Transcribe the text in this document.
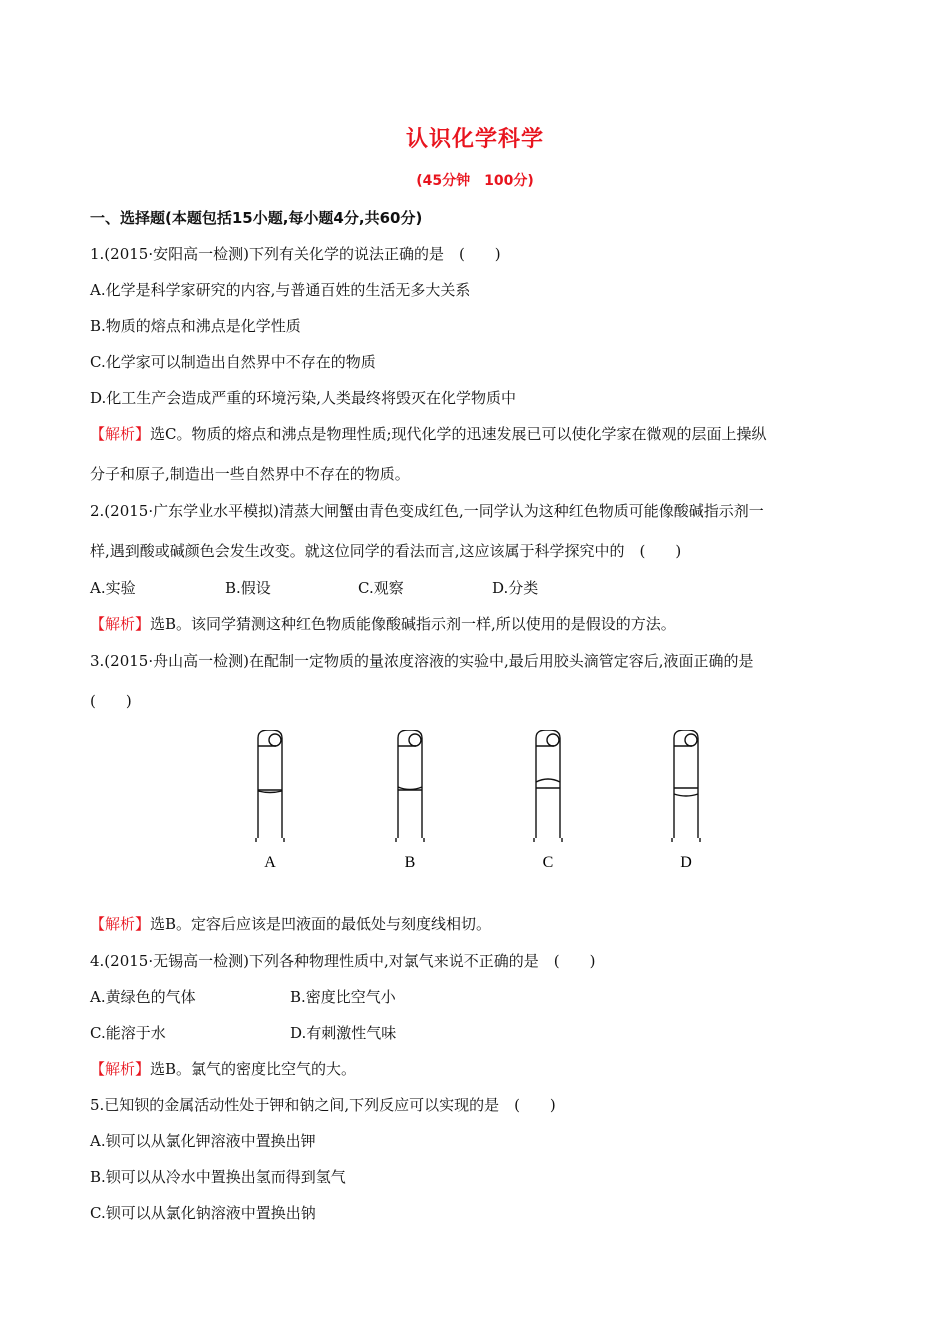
认识化学科学
(45分钟　100分)
一、选择题(本题包括15小题,每小题4分,共60分)
1.(2015·安阳高一检测)下列有关化学的说法正确的是　(　　)
A.化学是科学家研究的内容,与普通百姓的生活无多大关系
B.物质的熔点和沸点是化学性质
C.化学家可以制造出自然界中不存在的物质
D.化工生产会造成严重的环境污染,人类最终将毁灭在化学物质中
【解析】选C。物质的熔点和沸点是物理性质;现代化学的迅速发展已可以使化学家在微观的层面上操纵
分子和原子,制造出一些自然界中不存在的物质。
2.(2015·广东学业水平模拟)清蒸大闸蟹由青色变成红色,一同学认为这种红色物质可能像酸碱指示剂一
样,遇到酸或碱颜色会发生改变。就这位同学的看法而言,这应该属于科学探究中的　(　　)
A.实验	B.假设	C.观察	D.分类
【解析】选B。该同学猜测这种红色物质能像酸碱指示剂一样,所以使用的是假设的方法。
3.(2015·舟山高一检测)在配制一定物质的量浓度溶液的实验中,最后用胶头滴管定容后,液面正确的是
(　　)
A	B	C	D
【解析】选B。定容后应该是凹液面的最低处与刻度线相切。
4.(2015·无锡高一检测)下列各种物理性质中,对氯气来说不正确的是　(　　)
A.黄绿色的气体	B.密度比空气小
C.能溶于水	D.有刺激性气味
【解析】选B。氯气的密度比空气的大。
5.已知钡的金属活动性处于钾和钠之间,下列反应可以实现的是　(　　)
A.钡可以从氯化钾溶液中置换出钾
B.钡可以从冷水中置换出氢而得到氢气
C.钡可以从氯化钠溶液中置换出钠
